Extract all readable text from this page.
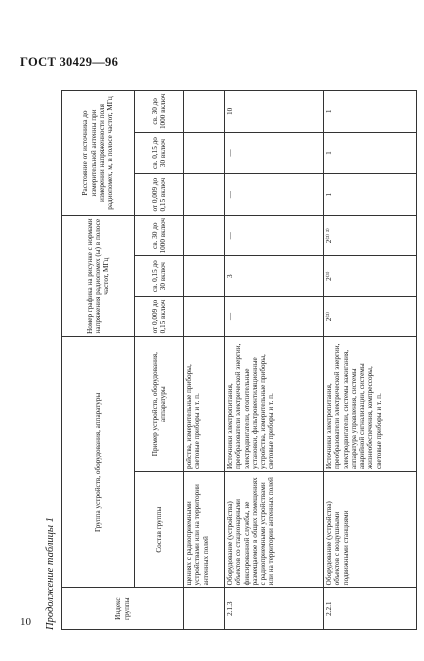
ГОСТ 30429—96
10 Продолжение таблицы 1	Индекс группы	Группа устройств, оборудования, аппаратуры		Номер графика на рисунке с нормами напряжения радиопомех (ы) в полосе частот, МГц			Расстояние от источника до измерительной антенны при измерении напряженности поля радиопомех, м, в полосе частот, МГц		
	Состав группы	Пример устройств, оборудования, аппаратуры	от 0,009 до 0,15 включ	св. 0,15 до 30 включ	св. 30 до 1000 включ	от 0,009 до 0,15 включ	св. 0,15 до 30 включ	св. 30 до 1000 включ
	щениях с радиоприемными устройствами или на территории антенных полей	ройства, измерительные приборы, световые приборы и т. п.						
2.1.3	Оборудование (устройства) объектов со стационарными фиксированной службы, не размещаемое в общих помещениях с радиоприемными устройствами или на территории антенных полей	Источники электропитания, преобразователи электрической энергии, электродвигатели, отопительные установки, фильтровентиляционные устройства, измерительные приборы, световые приборы и т. п.	—	3	—	—	—	10
2.2.1	Оборудование (устройства) объектов с воздушными подвижными станциями	Источники электропитания, преобразователи электрической энергии, электродвигатели, системы зажигания, аппаратура управления, системы аварийной сигнализации, системы жизнеобеспечения, компрессоры, световые приборы и т. п.	2⁽³⁾	2⁽³⁾	2⁽³⁾ ³⁾	1	1	1
